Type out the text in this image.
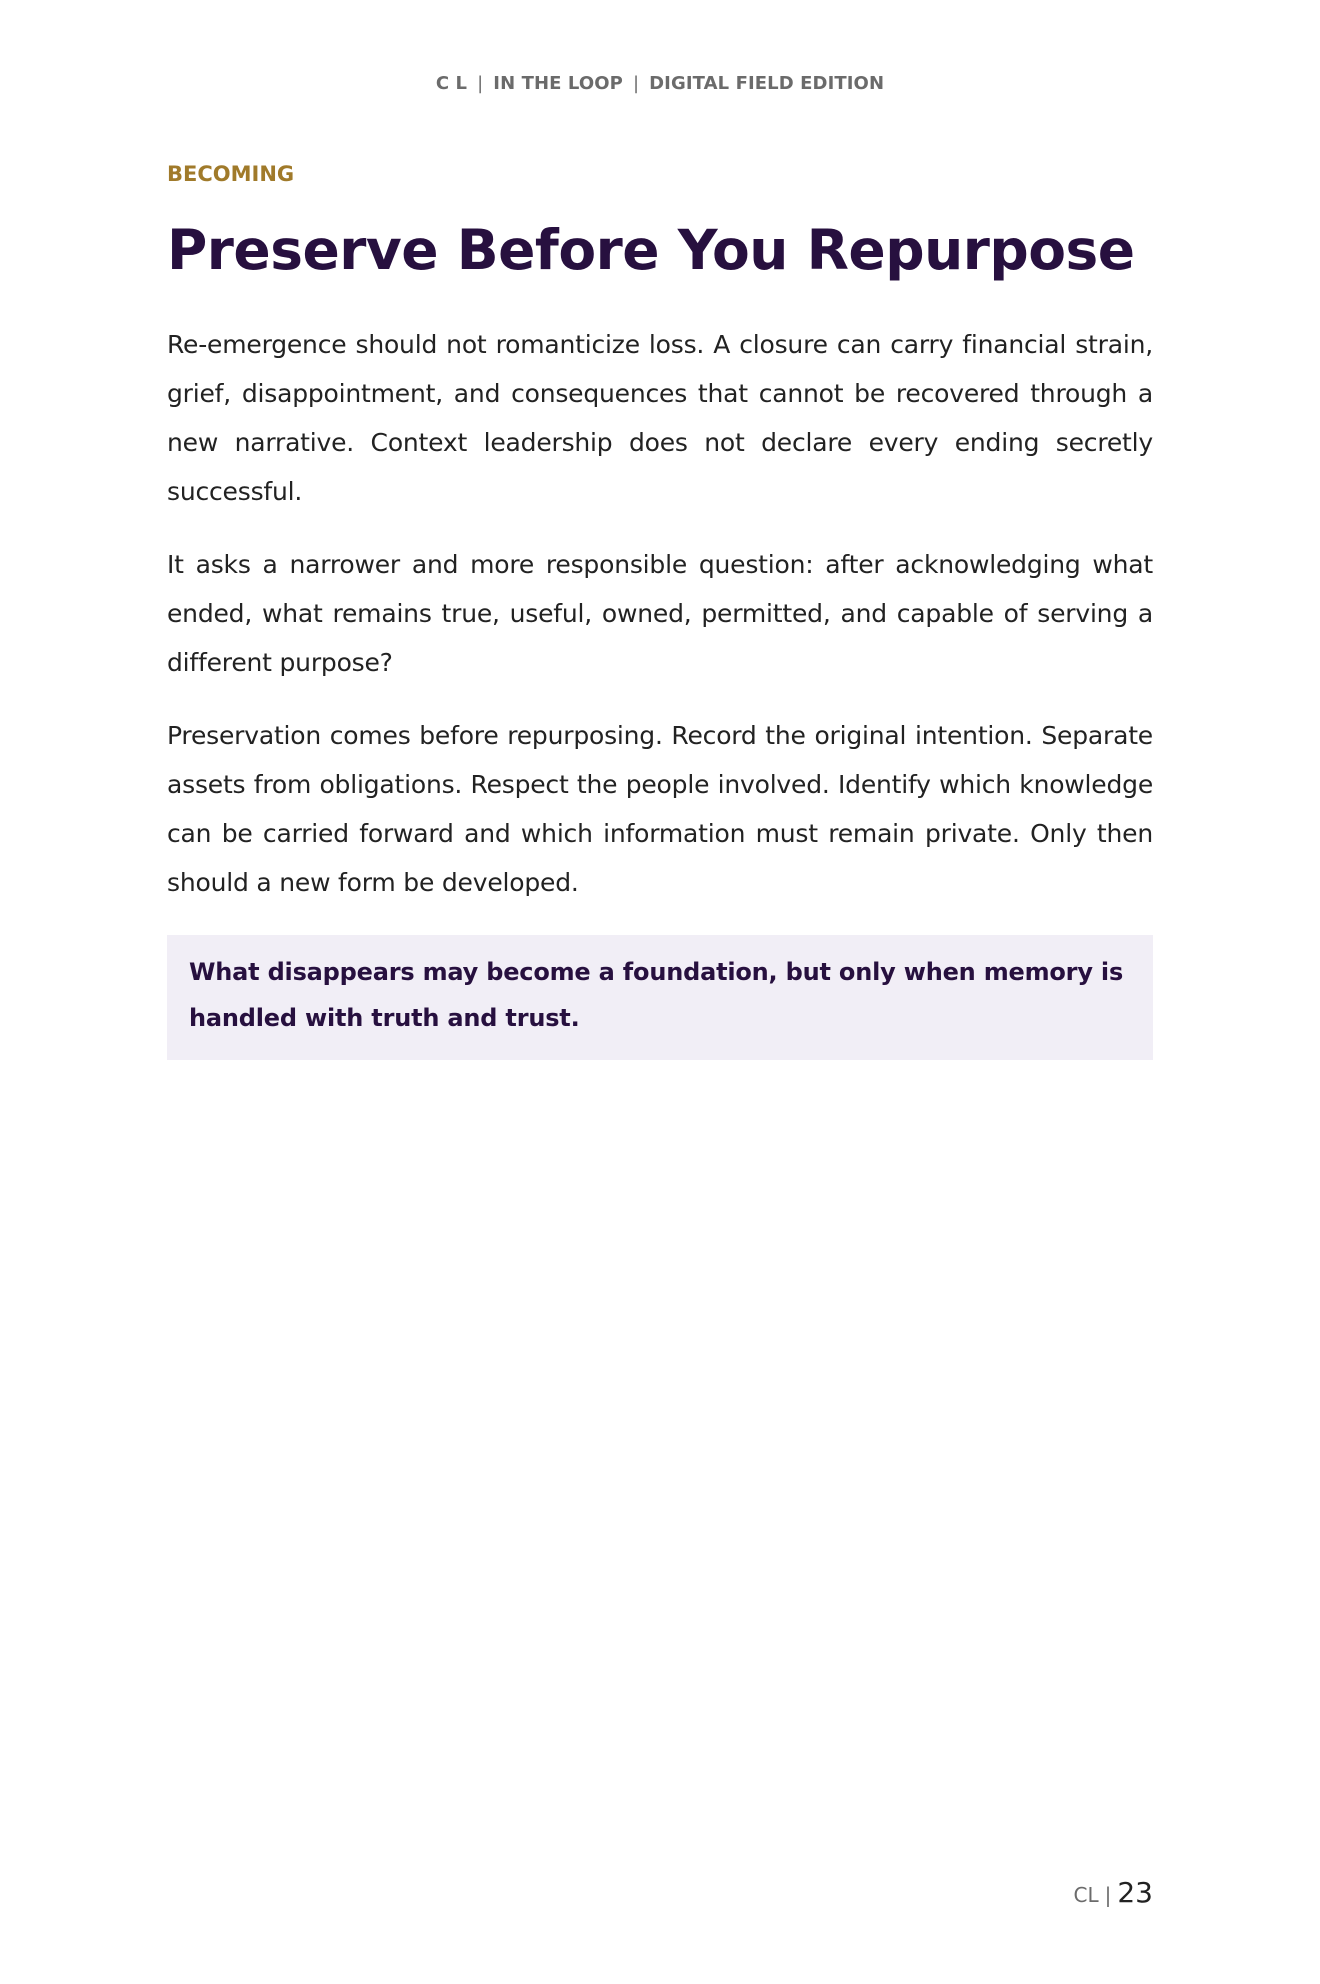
C L | IN THE LOOP | DIGITAL FIELD EDITION

BECOMING

Preserve Before You Repurpose

Re-emergence should not romanticize loss. A closure can carry financial strain, grief, disappointment, and consequences that cannot be recovered through a new narrative. Context leadership does not declare every ending secretly successful.

It asks a narrower and more responsible question: after acknowledging what ended, what remains true, useful, owned, permitted, and capable of serving a different purpose?

Preservation comes before repurposing. Record the original intention. Separate assets from obligations. Respect the people involved. Identify which knowledge can be carried forward and which information must remain private. Only then should a new form be developed.

What disappears may become a foundation, but only when memory is handled with truth and trust.

CL | 23
